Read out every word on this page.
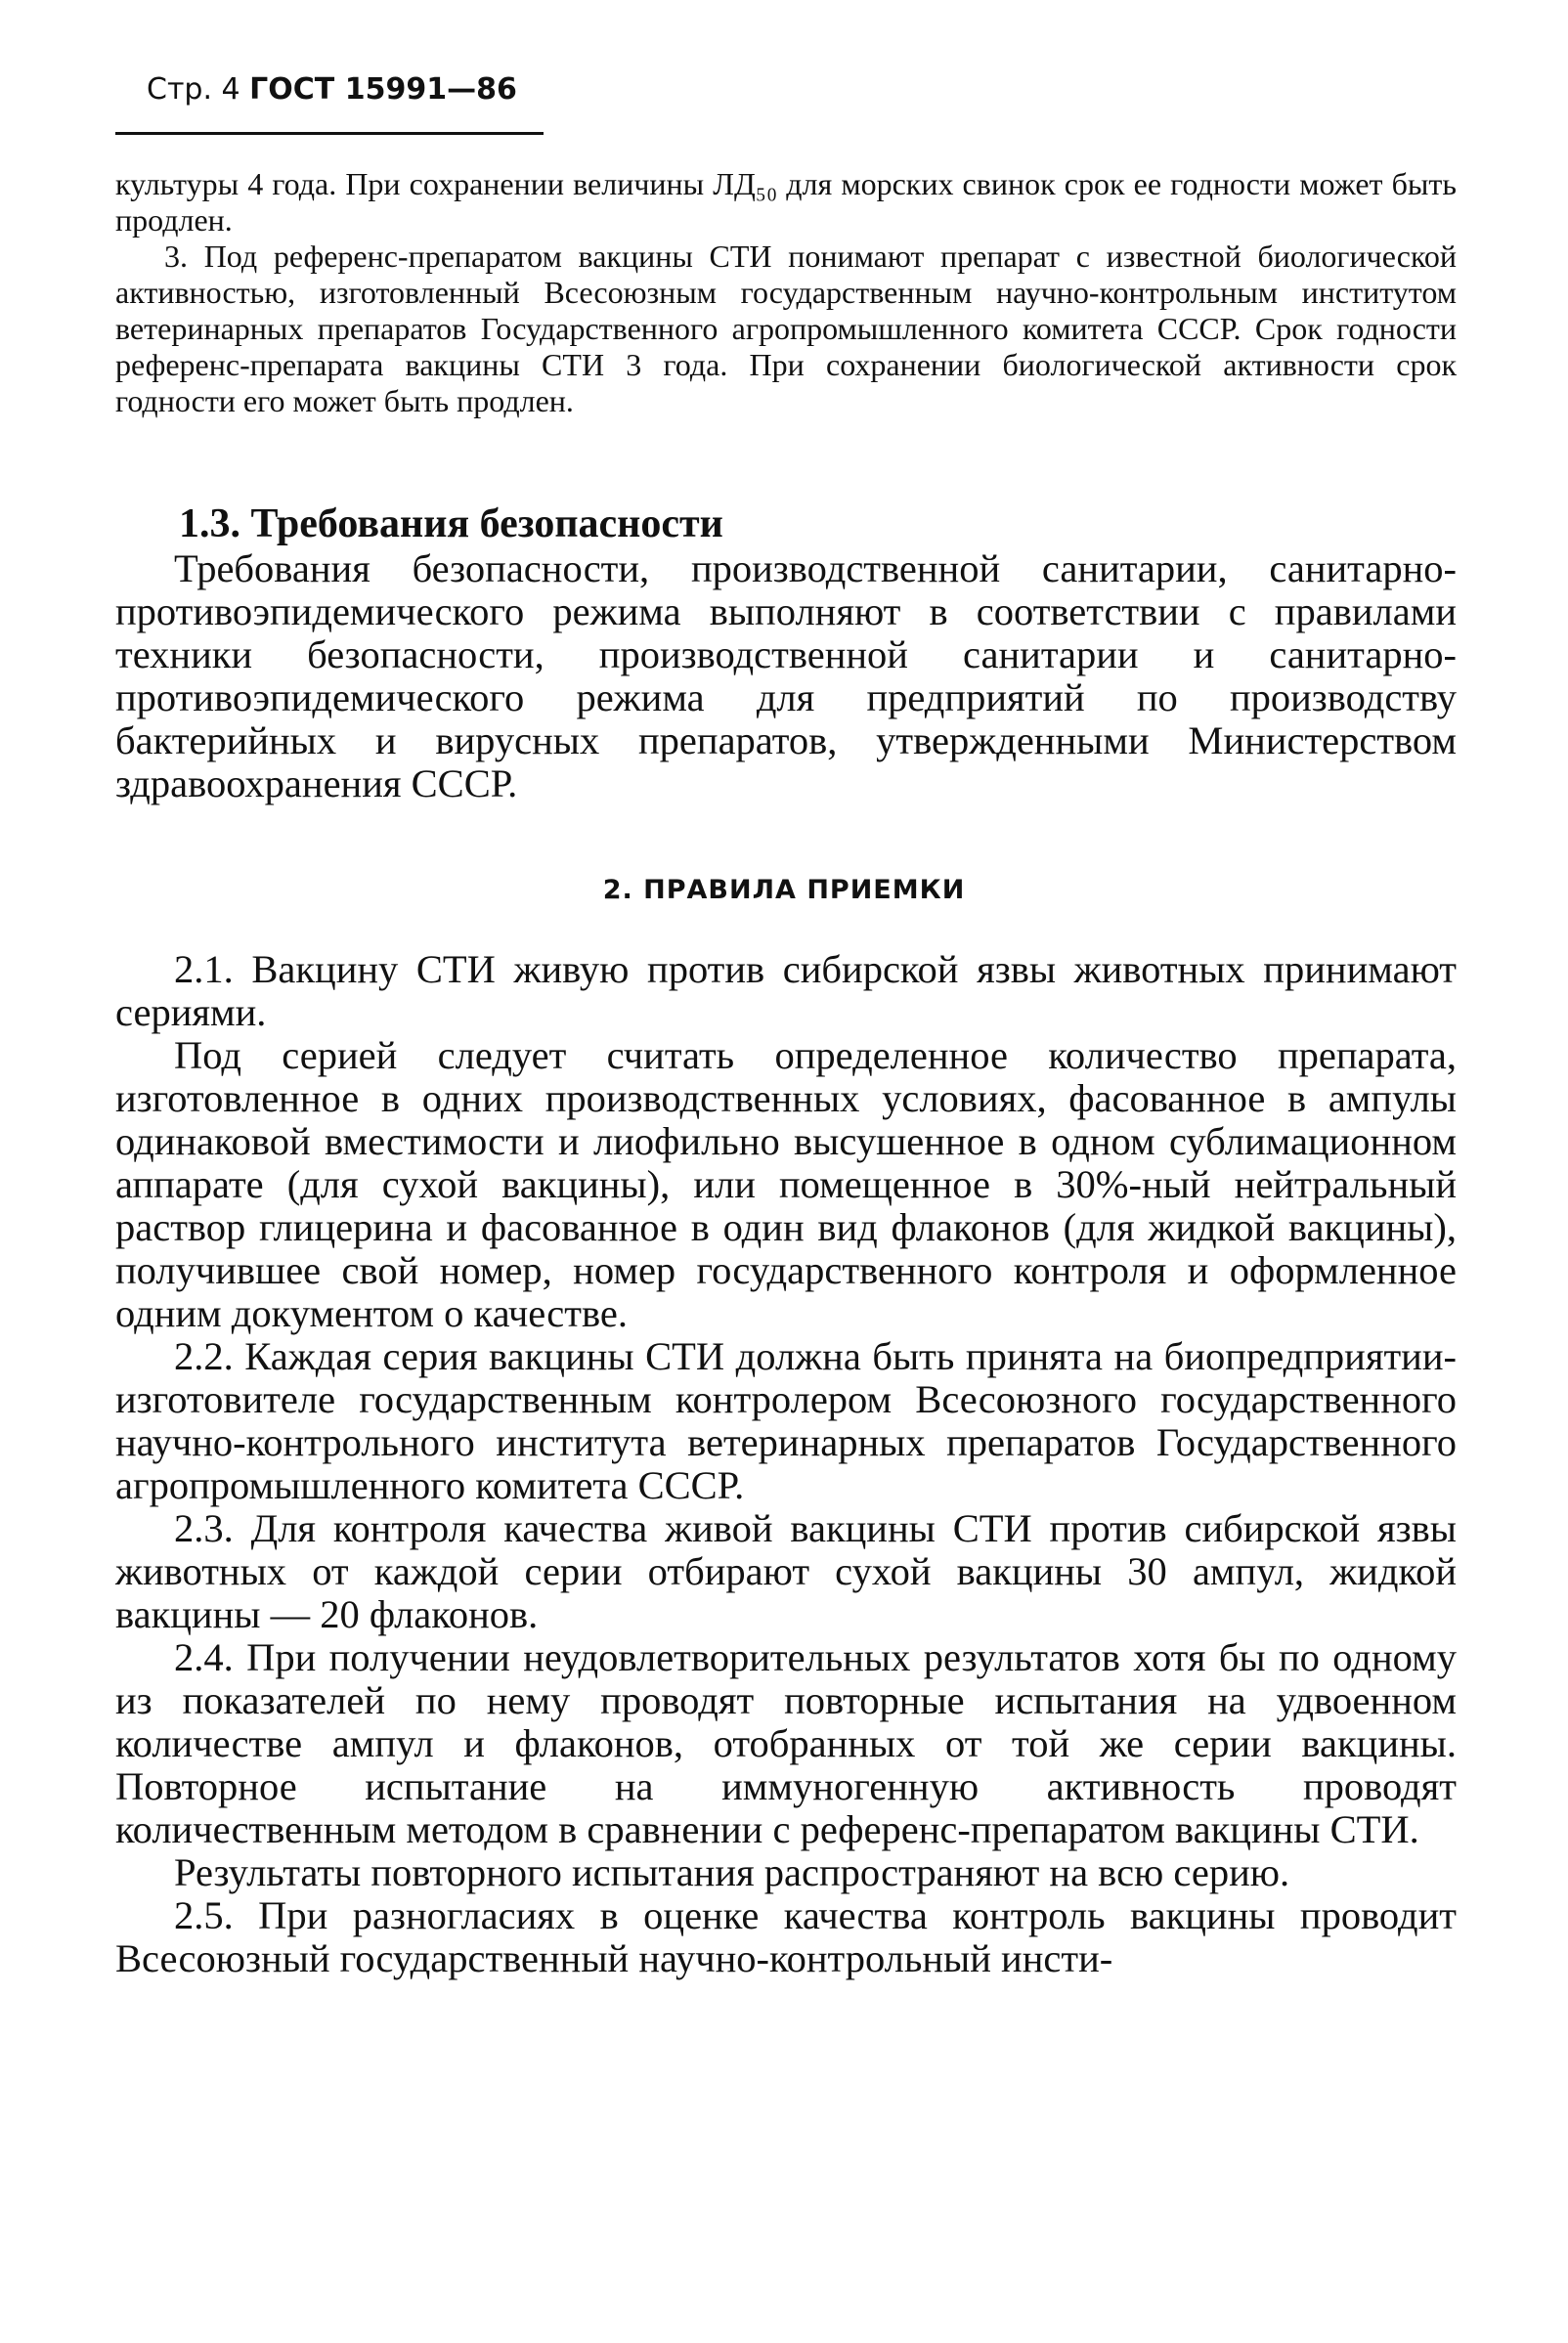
Стр. 4 ГОСТ 15991—86

культуры 4 года. При сохранении величины ЛД₅₀ для морских свинок срок ее годности может быть продлен.

3. Под референс-препаратом вакцины СТИ понимают препарат с известной биологической активностью, изготовленный Всесоюзным государственным научно-контрольным институтом ветеринарных препаратов Государственного агропромышленного комитета СССР. Срок годности референс-препарата вакцины СТИ 3 года. При сохранении биологической активности срок годности его может быть продлен.

1.3. Требования безопасности

Требования безопасности, производственной санитарии, санитарно-противоэпидемического режима выполняют в соответствии с правилами техники безопасности, производственной санитарии и санитарно-противоэпидемического режима для предприятий по производству бактерийных и вирусных препаратов, утвержденными Министерством здравоохранения СССР.

2. ПРАВИЛА ПРИЕМКИ

2.1. Вакцину СТИ живую против сибирской язвы животных принимают сериями.

Под серией следует считать определенное количество препарата, изготовленное в одних производственных условиях, фасованное в ампулы одинаковой вместимости и лиофильно высушенное в одном сублимационном аппарате (для сухой вакцины), или помещенное в 30%-ный нейтральный раствор глицерина и фасованное в один вид флаконов (для жидкой вакцины), получившее свой номер, номер государственного контроля и оформленное одним документом о качестве.

2.2. Каждая серия вакцины СТИ должна быть принята на биопредприятии-изготовителе государственным контролером Всесоюзного государственного научно-контрольного института ветеринарных препаратов Государственного агропромышленного комитета СССР.

2.3. Для контроля качества живой вакцины СТИ против сибирской язвы животных от каждой серии отбирают сухой вакцины 30 ампул, жидкой вакцины — 20 флаконов.

2.4. При получении неудовлетворительных результатов хотя бы по одному из показателей по нему проводят повторные испытания на удвоенном количестве ампул и флаконов, отобранных от той же серии вакцины. Повторное испытание на иммуногенную активность проводят количественным методом в сравнении с референс-препаратом вакцины СТИ.

Результаты повторного испытания распространяют на всю серию.

2.5. При разногласиях в оценке качества контроль вакцины проводит Всесоюзный государственный научно-контрольный инсти-
